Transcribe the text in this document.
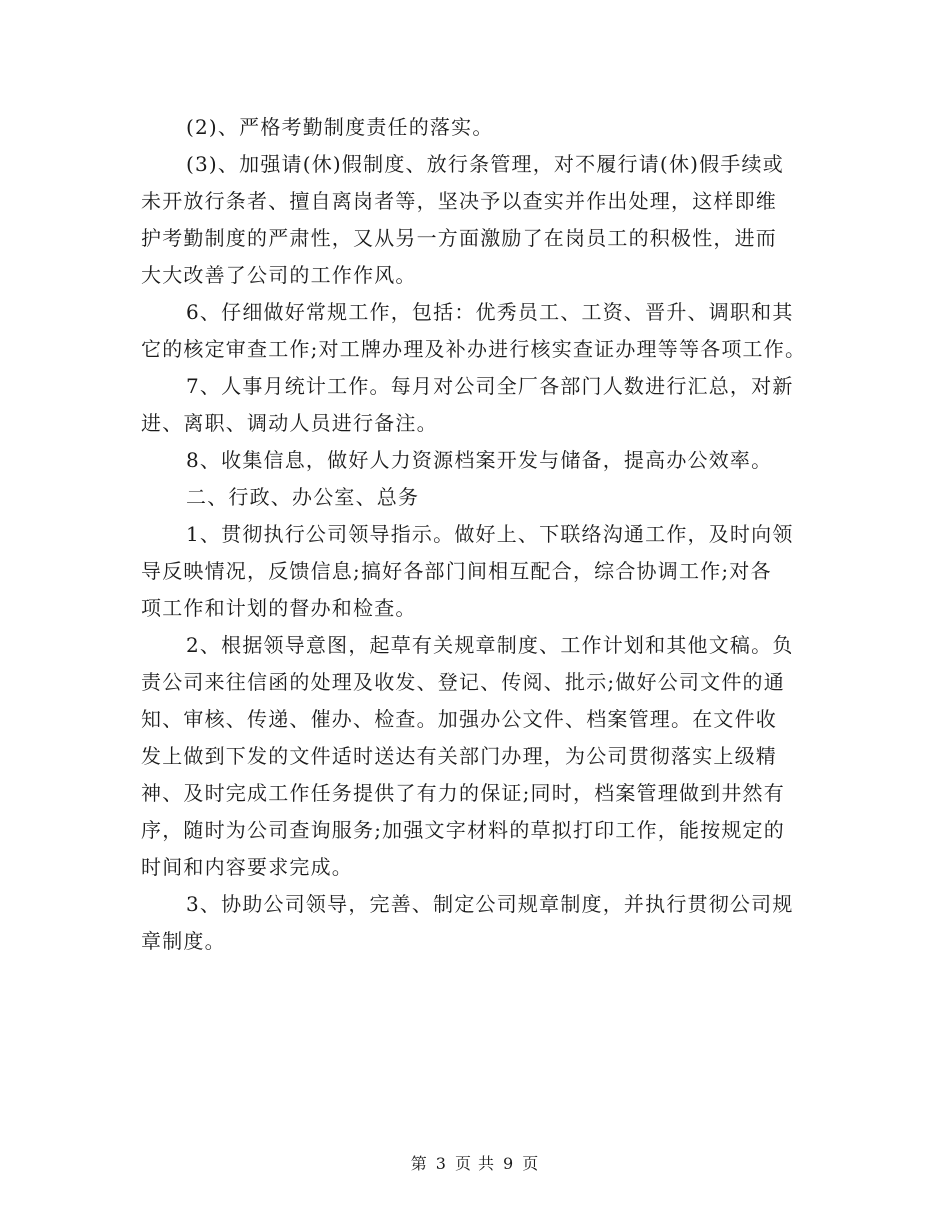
(2)、严格考勤制度责任的落实。
(3)、加强请(休)假制度、放行条管理，对不履行请(休)假手续或
未开放行条者、擅自离岗者等，坚决予以查实并作出处理，这样即维
护考勤制度的严肃性，又从另一方面激励了在岗员工的积极性，进而
大大改善了公司的工作作风。
6、仔细做好常规工作，包括：优秀员工、工资、晋升、调职和其
它的核定审查工作;对工牌办理及补办进行核实查证办理等等各项工作。
7、人事月统计工作。每月对公司全厂各部门人数进行汇总，对新
进、离职、调动人员进行备注。
8、收集信息，做好人力资源档案开发与储备，提高办公效率。
二、行政、办公室、总务
1、贯彻执行公司领导指示。做好上、下联络沟通工作，及时向领
导反映情况，反馈信息;搞好各部门间相互配合，综合协调工作;对各
项工作和计划的督办和检查。
2、根据领导意图，起草有关规章制度、工作计划和其他文稿。负
责公司来往信函的处理及收发、登记、传阅、批示;做好公司文件的通
知、审核、传递、催办、检查。加强办公文件、档案管理。在文件收
发上做到下发的文件适时送达有关部门办理，为公司贯彻落实上级精
神、及时完成工作任务提供了有力的保证;同时，档案管理做到井然有
序，随时为公司查询服务;加强文字材料的草拟打印工作，能按规定的
时间和内容要求完成。
3、协助公司领导，完善、制定公司规章制度，并执行贯彻公司规
章制度。
第 3 页 共 9 页
